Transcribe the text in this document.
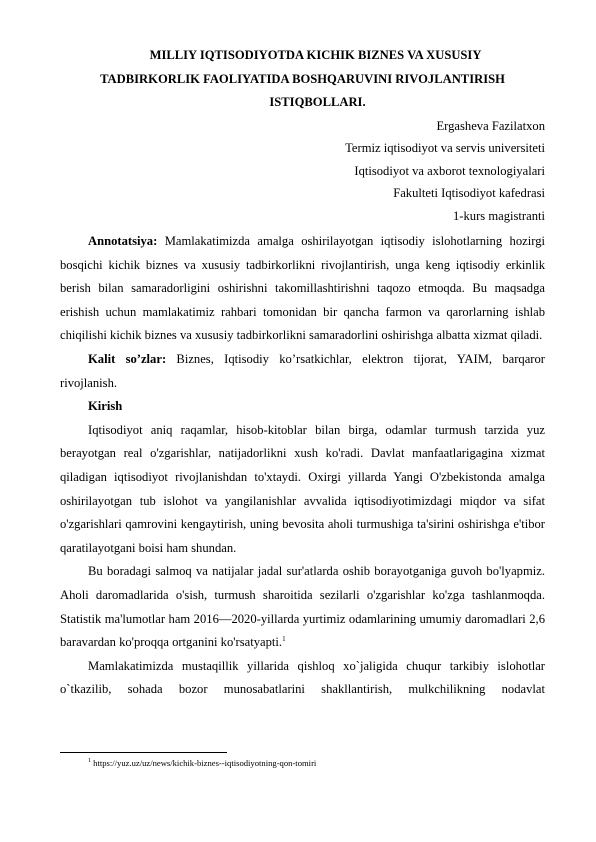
MILLIY IQTISODIYOTDA KICHIK BIZNES VA XUSUSIY
TADBIRKORLIK FAOLIYATIDA BOSHQARUVINI RIVOJLANTIRISH
ISTIQBOLLARI.

Ergasheva Fazilatxon

Termiz iqtisodiyot va servis universiteti

Iqtisodiyot va axborot texnologiyalari

Fakulteti Iqtisodiyot kafedrasi

1-kurs magistranti

Annotatsiya: Mamlakatimizda amalga oshirilayotgan iqtisodiy islohotlarning hozirgi bosqichi kichik biznes va xususiy tadbirkorlikni rivojlantirish, unga keng iqtisodiy erkinlik berish bilan samaradorligini oshirishni takomillashtirishni taqozo etmoqda. Bu maqsadga erishish uchun mamlakatimiz rahbari tomonidan bir qancha farmon va qarorlarning ishlab chiqilishi kichik biznes va xususiy tadbirkorlikni samaradorlini oshirishga albatta xizmat qiladi.

Kalit so’zlar: Biznes, Iqtisodiy ko’rsatkichlar, elektron tijorat, YAIM, barqaror rivojlanish.

Kirish

Iqtisodiyot aniq raqamlar, hisob-kitoblar bilan birga, odamlar turmush tarzida yuz berayotgan real o'zgarishlar, natijadorlikni xush ko'radi. Davlat manfaatlarigagina xizmat qiladigan iqtisodiyot rivojlanishdan to'xtaydi. Oxirgi yillarda Yangi O'zbekistonda amalga oshirilayotgan tub islohot va yangilanishlar avvalida iqtisodiyotimizdagi miqdor va sifat o'zgarishlari qamrovini kengaytirish, uning bevosita aholi turmushiga ta'sirini oshirishga e'tibor qaratilayotgani boisi ham shundan.

Bu boradagi salmoq va natijalar jadal sur'atlarda oshib borayotganiga guvoh bo'lyapmiz. Aholi daromadlarida o'sish, turmush sharoitida sezilarli o'zgarishlar ko'zga tashlanmoqda. Statistik ma'lumotlar ham 2016—2020-yillarda yurtimiz odamlarining umumiy daromadlari 2,6 baravardan ko'proqqa ortganini ko'rsatyapti.$^1$

Mamlakatimizda mustaqillik yillarida qishloq xo`jaligida chuqur tarkibiy islohotlar o`tkazilib, sohada bozor munosabatlarini shakllantirish, mulkchilikning nodavlat

$^1$ https://yuz.uz/uz/news/kichik-biznes--iqtisodiyotning-qon-tomiri
